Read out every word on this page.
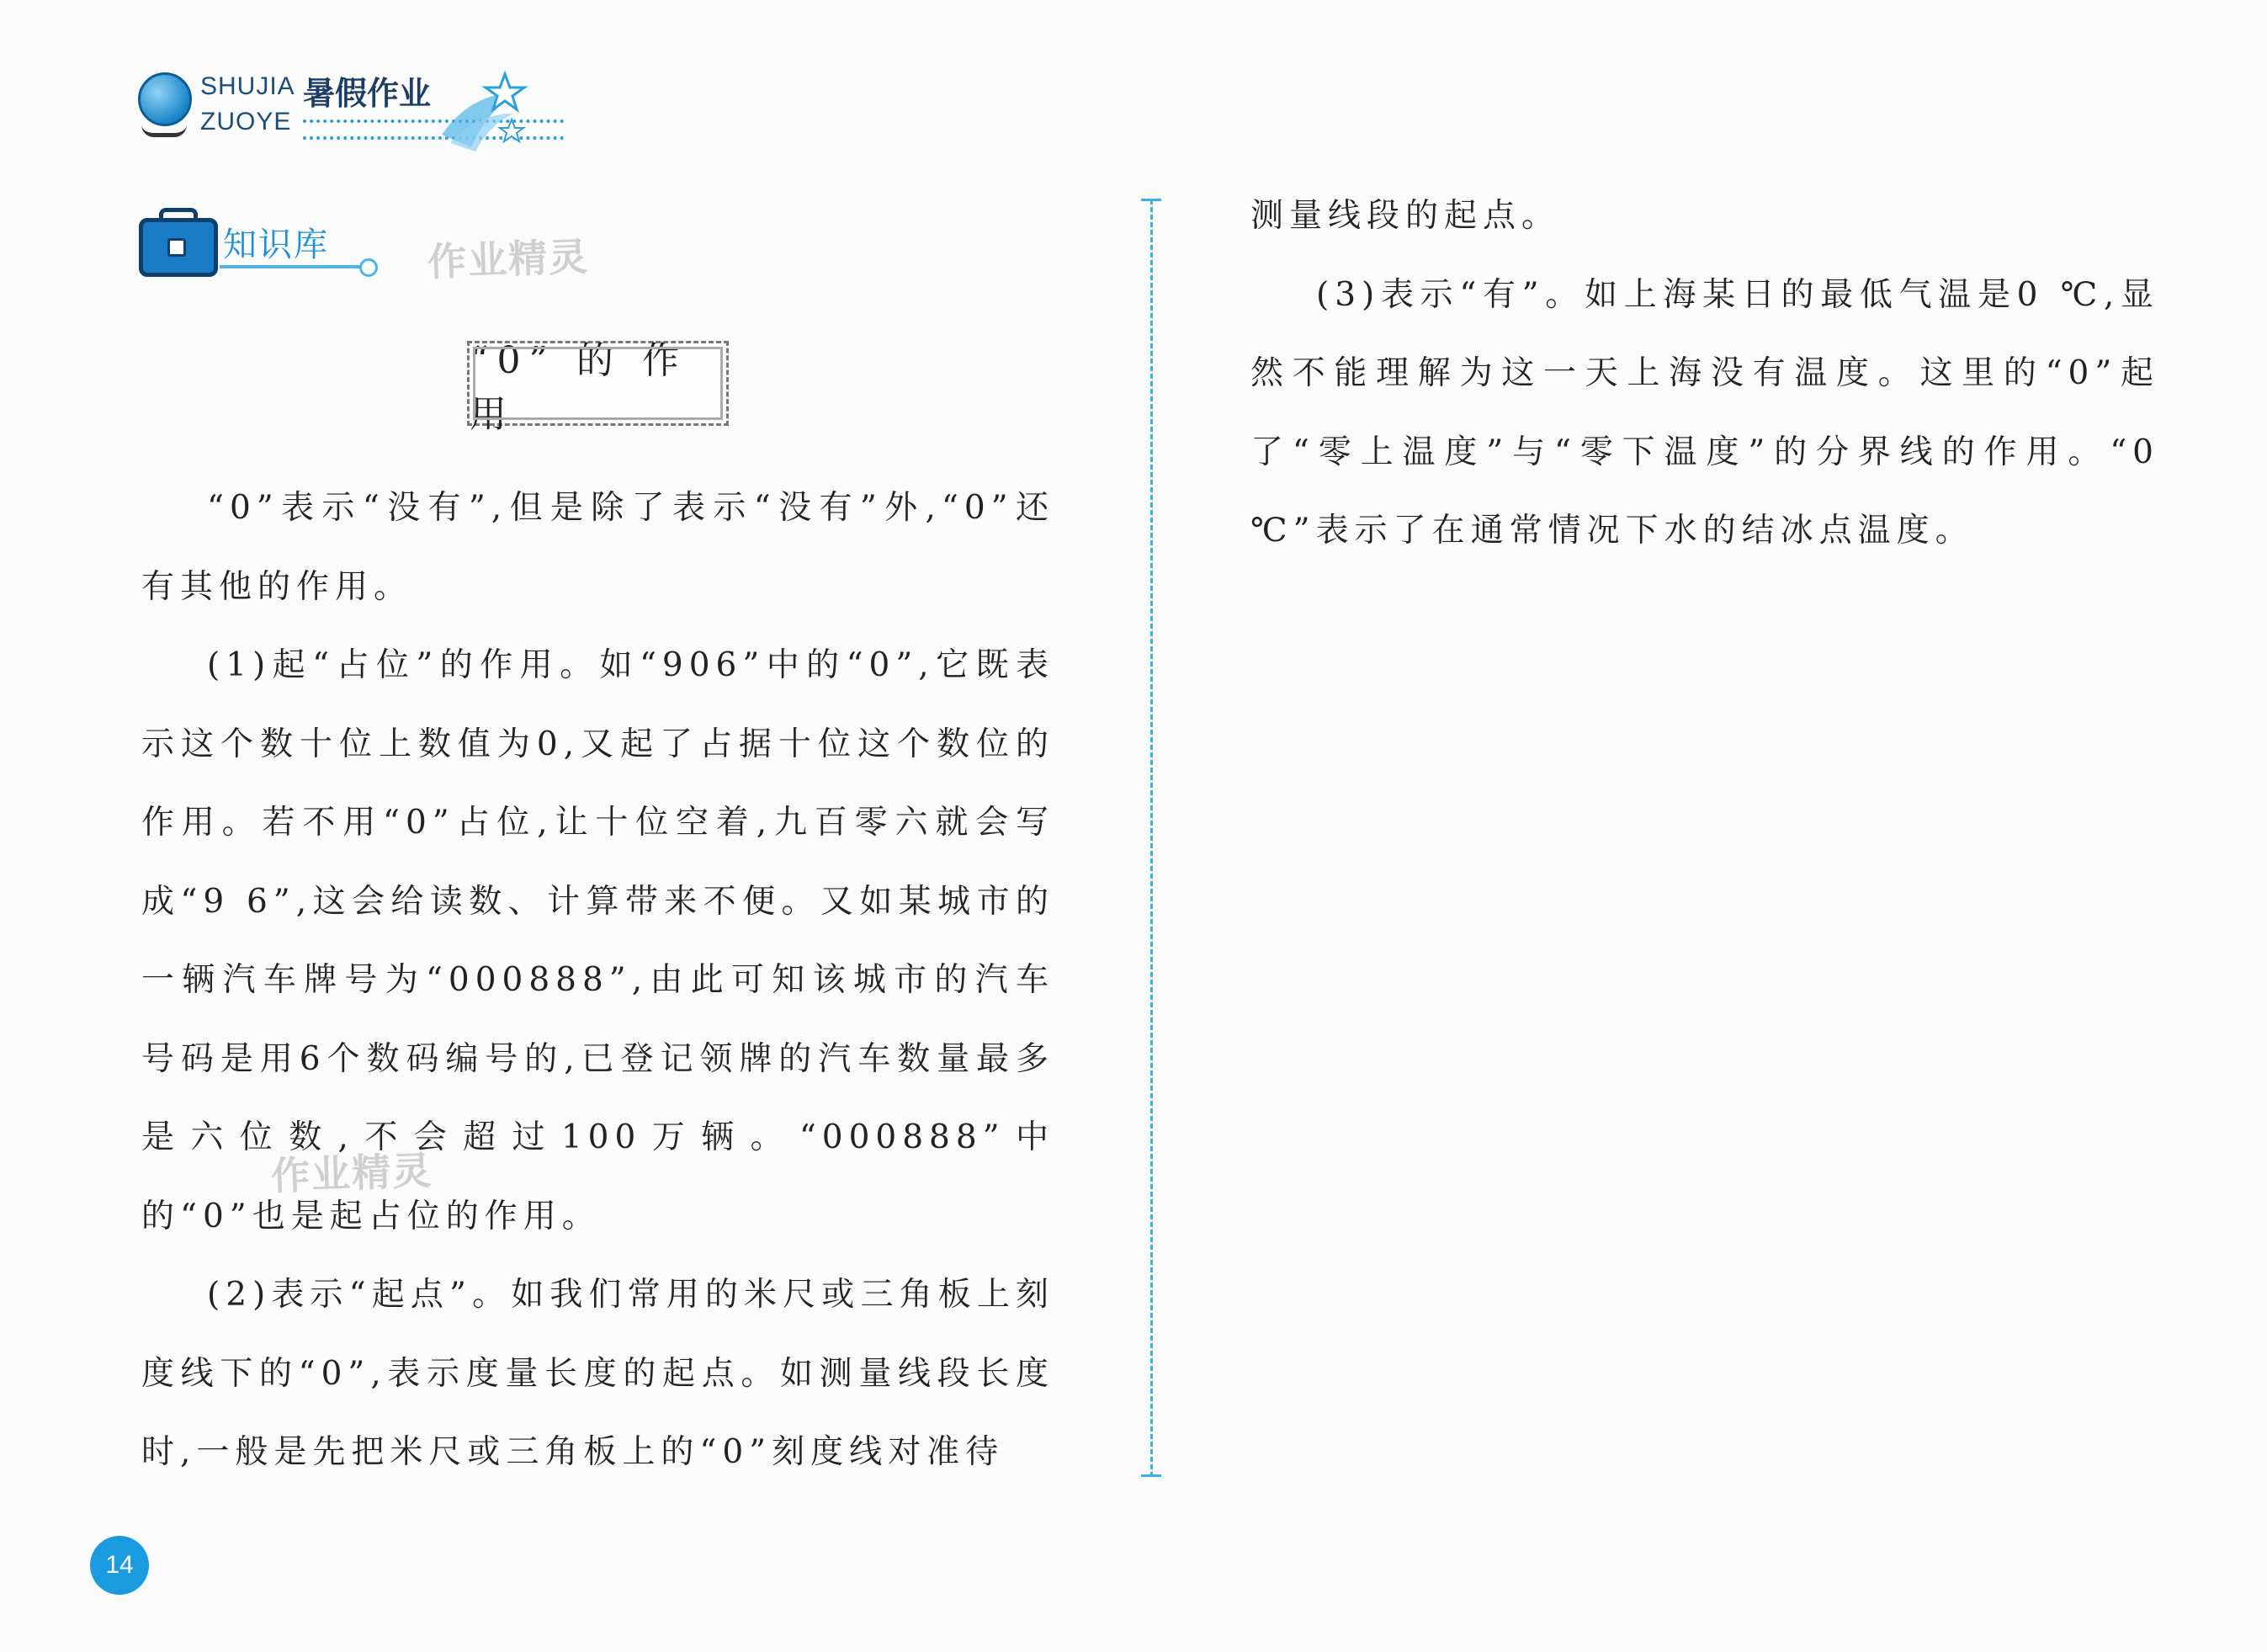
SHUJIA 暑假作业
ZUOYE
知识库	作业精灵
作业精灵
“0” 的 作 用

“0”表示“没有”,但是除了表示“没有”外,“0”还有其他的作用。

(1)起“占位”的作用。如“906”中的“0”,它既表示这个数十位上数值为0,又起了占据十位这个数位的作用。若不用“0”占位,让十位空着,九百零六就会写成“9 6”,这会给读数、计算带来不便。又如某城市的一辆汽车牌号为“000888”,由此可知该城市的汽车号码是用6个数码编号的,已登记领牌的汽车数量最多是六位数,不会超过100万辆。“000888”中的“0”也是起占位的作用。

(2)表示“起点”。如我们常用的米尺或三角板上刻度线下的“0”,表示度量长度的起点。如测量线段长度时,一般是先把米尺或三角板上的“0”刻度线对准待

测量线段的起点。

(3)表示“有”。如上海某日的最低气温是0 ℃,显然不能理解为这一天上海没有温度。这里的“0”起了“零上温度”与“零下温度”的分界线的作用。“0 ℃”表示了在通常情况下水的结冰点温度。

14
